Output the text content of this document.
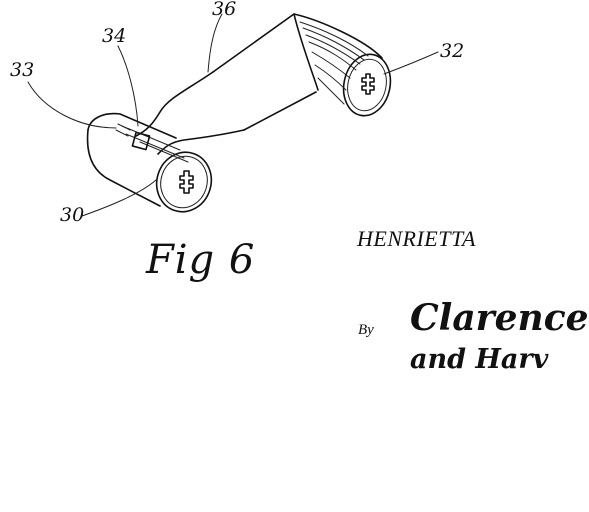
36
34
33
32
30
Fig 6	HENRIETTA
By Clarence
and Harv
